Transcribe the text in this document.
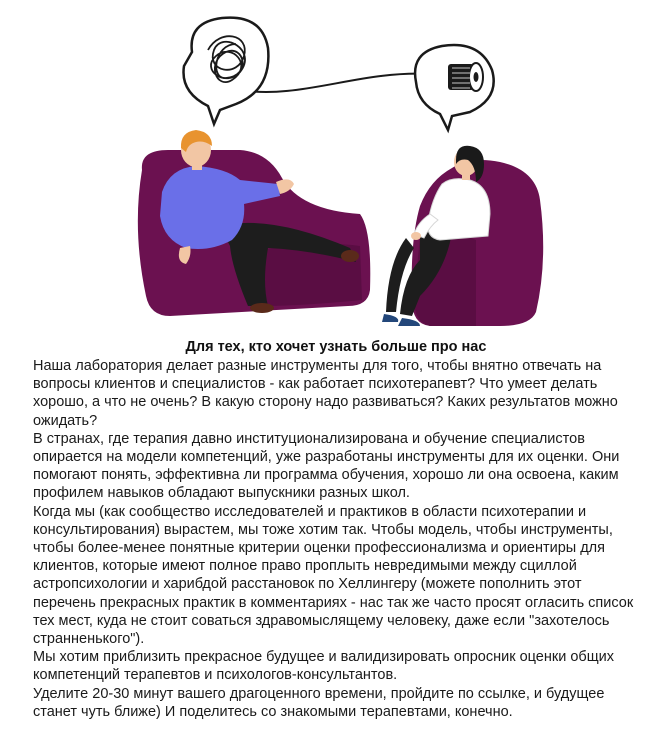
Для тех, кто хочет узнать больше про нас

Наша лаборатория делает разные инструменты для того, чтобы внятно отвечать на вопросы клиентов и специалистов - как работает психотерапевт? Что умеет делать хорошо, а что не очень? В какую сторону надо развиваться? Каких результатов можно ожидать?

В странах, где терапия давно институционализирована и обучение специалистов опирается на модели компетенций, уже разработаны инструменты для их оценки. Они помогают понять, эффективна ли программа обучения, хорошо ли она освоена, каким профилем навыков обладают выпускники разных школ.

Когда мы (как сообщество исследователей и практиков в области психотерапии и консультирования) вырастем, мы тоже хотим так. Чтобы модель, чтобы инструменты, чтобы более-менее понятные критерии оценки профессионализма и ориентиры для клиентов, которые имеют полное право проплыть невредимыми между сциллой астропсихологии и харибдой расстановок по Хеллингеру (можете пополнить этот перечень прекрасных практик в комментариях - нас так же часто просят огласить список тех мест, куда не стоит соваться здравомыслящему человеку, даже если "захотелось странненького").

Мы хотим приблизить прекрасное будущее и валидизировать опросник оценки общих компетенций терапевтов и психологов-консультантов.

Уделите 20-30 минут вашего драгоценного времени, пройдите по ссылке, и будущее станет чуть ближе) И поделитесь со знакомыми терапевтами, конечно.
